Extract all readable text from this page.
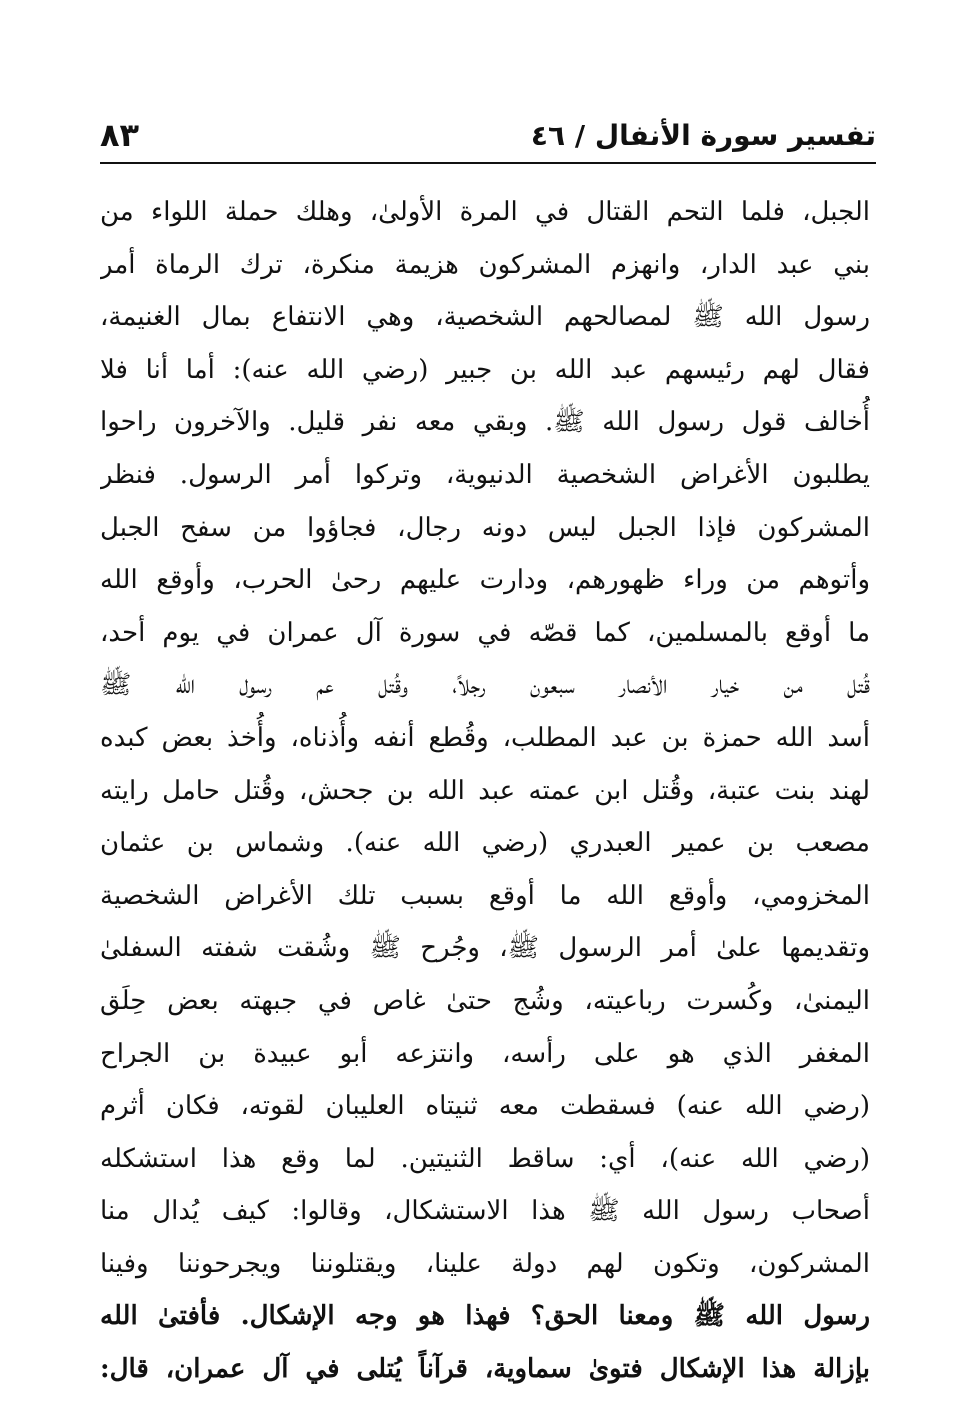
تفسير سورة الأنفال / ٤٦
٨٣
الجبل، فلما التحم القتال في المرة الأولىٰ، وهلك حملة اللواء من
بني عبد الدار، وانهزم المشركون هزيمة منكرة، ترك الرماة أمر
رسول الله ﷺ لمصالحهم الشخصية، وهي الانتفاع بمال الغنيمة،
فقال لهم رئيسهم عبد الله بن جبير (رضي الله عنه): أما أنا فلا
أُخالف قول رسول الله ﷺ. وبقي معه نفر قليل. والآخرون راحوا
يطلبون الأغراض الشخصية الدنيوية، وتركوا أمر الرسول. فنظر
المشركون فإذا الجبل ليس دونه رجال، فجاؤوا من سفح الجبل
وأتوهم من وراء ظهورهم، ودارت عليهم رحىٰ الحرب، وأوقع الله
ما أوقع بالمسلمين، كما قصّه في سورة آل عمران في يوم أحد،
قُتل من خيار الأنصار سبعون رجلاً، وقُتل عم رسول الله ﷺ
أسد الله حمزة بن عبد المطلب، وقُطع أنفه وأُذناه، وأُخذ بعض كبده
لهند بنت عتبة، وقُتل ابن عمته عبد الله بن جحش، وقُتل حامل رايته
مصعب بن عمير العبدري (رضي الله عنه). وشماس بن عثمان
المخزومي، وأوقع الله ما أوقع بسبب تلك الأغراض الشخصية
وتقديمها علىٰ أمر الرسول ﷺ، وجُرح ﷺ وشُقت شفته السفلىٰ
اليمنىٰ، وكُسرت رباعيته، وشُج حتىٰ غاص في جبهته بعض حِلَق
المغفر الذي هو على رأسه، وانتزعه أبو عبيدة بن الجراح
(رضي الله عنه) فسقطت معه ثنيتاه العليبان لقوته، فكان أثرم
(رضي الله عنه)، أي: ساقط الثنيتين. لما وقع هذا استشكله
أصحاب رسول الله ﷺ هذا الاستشكال، وقالوا: كيف يُدال منا
المشركون، وتكون لهم دولة علينا، ويقتلوننا ويجرحوننا وفينا
رسول الله ﷺ ومعنا الحق؟ فهذا هو وجه الإشكال. فأفتىٰ الله
بإزالة هذا الإشكال فتوىٰ سماوية، قرآناً يُتلى في آل عمران، قال:
